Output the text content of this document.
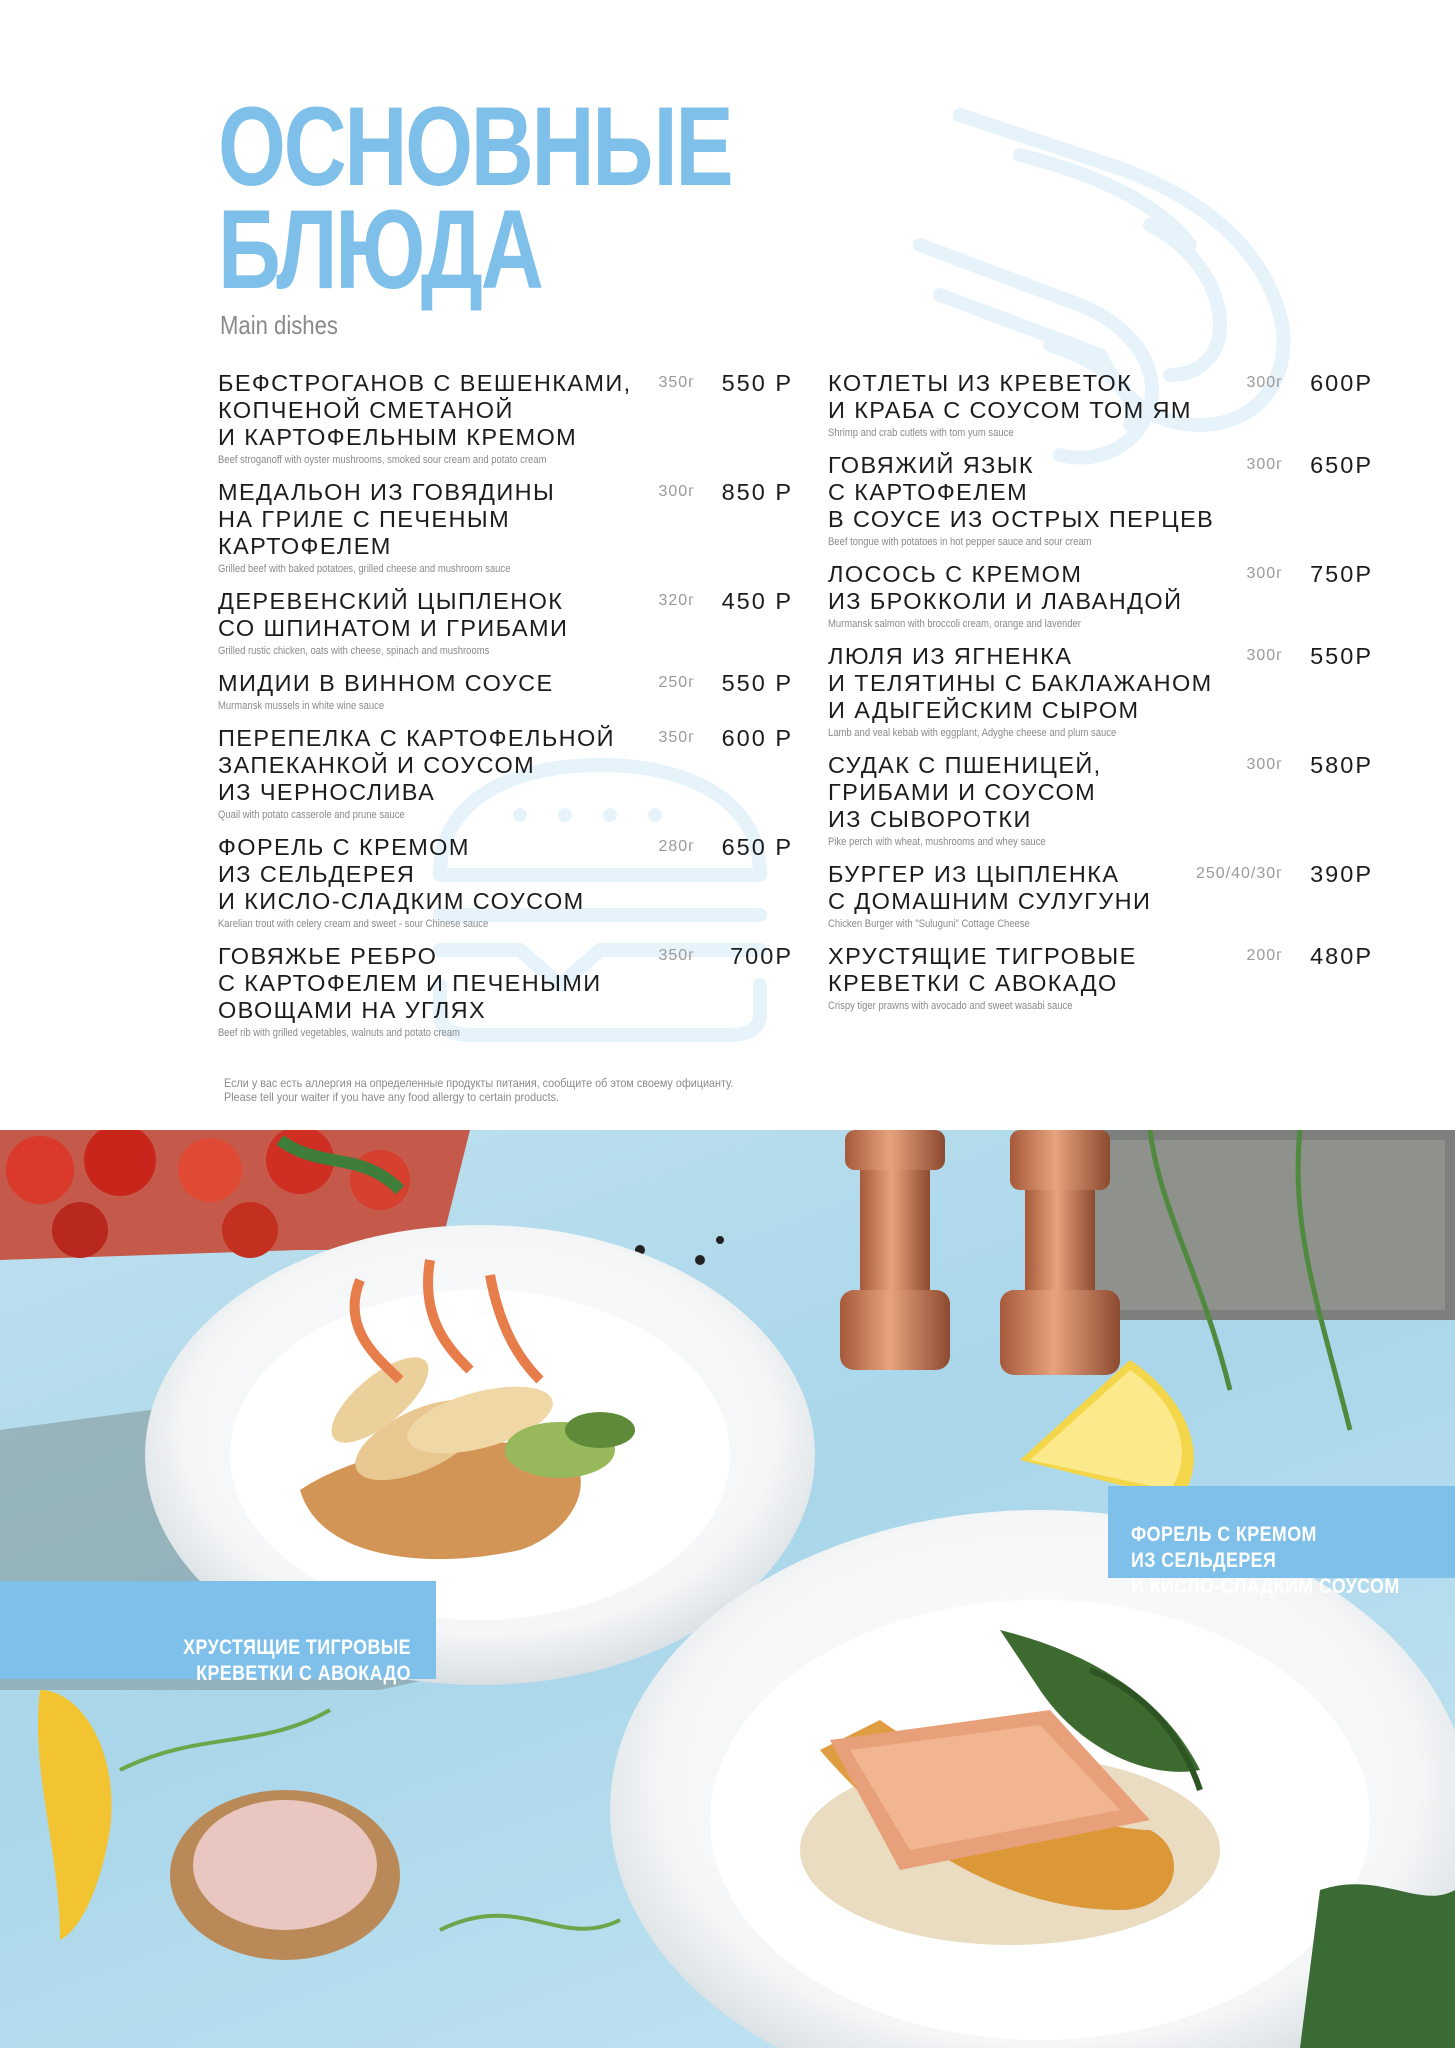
ОСНОВНЫЕ
БЛЮДА
Main dishes
БЕФСТРОГАНОВ С ВЕШЕНКАМИ,
КОПЧЕНОЙ СМЕТАНОЙ
И КАРТОФЕЛЬНЫМ КРЕМОМ
350г 550 Р
Beef stroganoff with oyster mushrooms, smoked sour cream and potato cream
МЕДАЛЬОН ИЗ ГОВЯДИНЫ
НА ГРИЛЕ С ПЕЧЕНЫМ
КАРТОФЕЛЕМ
300г 850 Р
Grilled beef with baked potatoes, grilled cheese and mushroom sauce
ДЕРЕВЕНСКИЙ ЦЫПЛЕНОК
СО ШПИНАТОМ И ГРИБАМИ
320г 450 Р
Grilled rustic chicken, oats with cheese, spinach and mushrooms
МИДИИ В ВИННОМ СОУСЕ	250г 550 Р
Murmansk mussels in white wine sauce
ПЕРЕПЕЛКА С КАРТОФЕЛЬНОЙ
ЗАПЕКАНКОЙ И СОУСОМ
ИЗ ЧЕРНОСЛИВА
350г 600 Р
Quail with potato casserole and prune sauce
ФОРЕЛЬ С КРЕМОМ
ИЗ СЕЛЬДЕРЕЯ
И КИСЛО-СЛАДКИМ СОУСОМ
280г 650 Р
Karelian trout with celery cream and sweet - sour Chinese sauce
ГОВЯЖЬЕ РЕБРО
С КАРТОФЕЛЕМ И ПЕЧЕНЫМИ
ОВОЩАМИ НА УГЛЯХ
350г 700Р
Beef rib with grilled vegetables, walnuts and potato cream
КОТЛЕТЫ ИЗ КРЕВЕТОК
И КРАБА С СОУСОМ ТОМ ЯМ
300г 600Р
Shrimp and crab cutlets with tom yum sauce
ГОВЯЖИЙ ЯЗЫК
С КАРТОФЕЛЕМ
В СОУСЕ ИЗ ОСТРЫХ ПЕРЦЕВ
300г 650Р
Beef tongue with potatoes in hot pepper sauce and sour cream
ЛОСОСЬ С КРЕМОМ
ИЗ БРОККОЛИ И ЛАВАНДОЙ
300г 750Р
Murmansk salmon with broccoli cream, orange and lavender
ЛЮЛЯ ИЗ ЯГНЕНКА
И ТЕЛЯТИНЫ С БАКЛАЖАНОМ
И АДЫГЕЙСКИМ СЫРОМ
300г 550Р
Lamb and veal kebab with eggplant, Adyghe cheese and plum sauce
СУДАК С ПШЕНИЦЕЙ,
ГРИБАМИ И СОУСОМ
ИЗ СЫВОРОТКИ
300г 580Р
Pike perch with wheat, mushrooms and whey sauce
БУРГЕР ИЗ ЦЫПЛЕНКА
С ДОМАШНИМ СУЛУГУНИ
250/40/30г 390Р
Chicken Burger with "Suluguni" Cottage Cheese
ХРУСТЯЩИЕ ТИГРОВЫЕ
КРЕВЕТКИ С АВОКАДО
200г 480Р
Crispy tiger prawns with avocado and sweet wasabi sauce
Если у вас есть аллергия на определенные продукты питания, сообщите об этом своему официанту.
Please tell your waiter if you have any food allergy to certain products.

ФОРЕЛЬ С КРЕМОМ
ИЗ СЕЛЬДЕРЕЯ
И КИСЛО-СЛАДКИМ СОУСОМ

ХРУСТЯЩИЕ ТИГРОВЫЕ
КРЕВЕТКИ С АВОКАДО
